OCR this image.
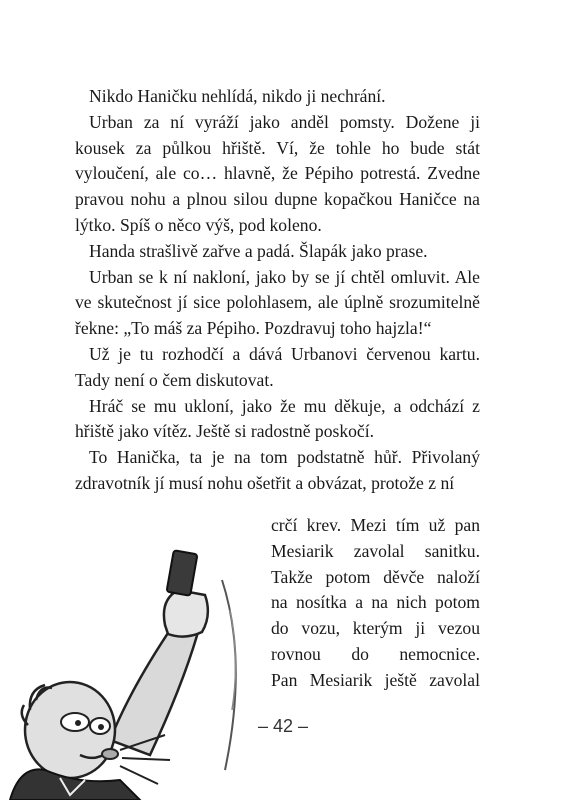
Nikdo Haničku nehlídá, nikdo ji nechrání.

Urban za ní vyráží jako anděl pomsty. Dožene ji kousek za půlkou hřiště. Ví, že tohle ho bude stát vyloučení, ale co… hlavně, že Pépiho potrestá. Zvedne pravou nohu a plnou silou dupne kopačkou Haničce na lýtko. Spíš o něco výš, pod koleno.

Handa strašlivě zařve a padá. Šlapák jako prase.

Urban se k ní nakloní, jako by se jí chtěl omluvit. Ale ve skutečnost jí sice polohlasem, ale úplně srozumitelně řekne: „To máš za Pépiho. Pozdravuj toho hajzla!“

Už je tu rozhodčí a dává Urbanovi červenou kartu. Tady není o čem diskutovat.

Hráč se mu ukloní, jako že mu děkuje, a odchází z hřiště jako vítěz. Ještě si radostně poskočí.

To Hanička, ta je na tom podstatně hůř. Přivolaný zdravotník jí musí nohu ošetřit a obvázat, protože z ní

crčí krev. Mezi tím už pan
Mesiarik zavolal sanitku.
Takže potom děvče naloží
na nosítka a na nich potom
do vozu, kterým ji vezou
rovnou do nemocnice.
Pan Mesiarik ještě zavolal
– 42 –
